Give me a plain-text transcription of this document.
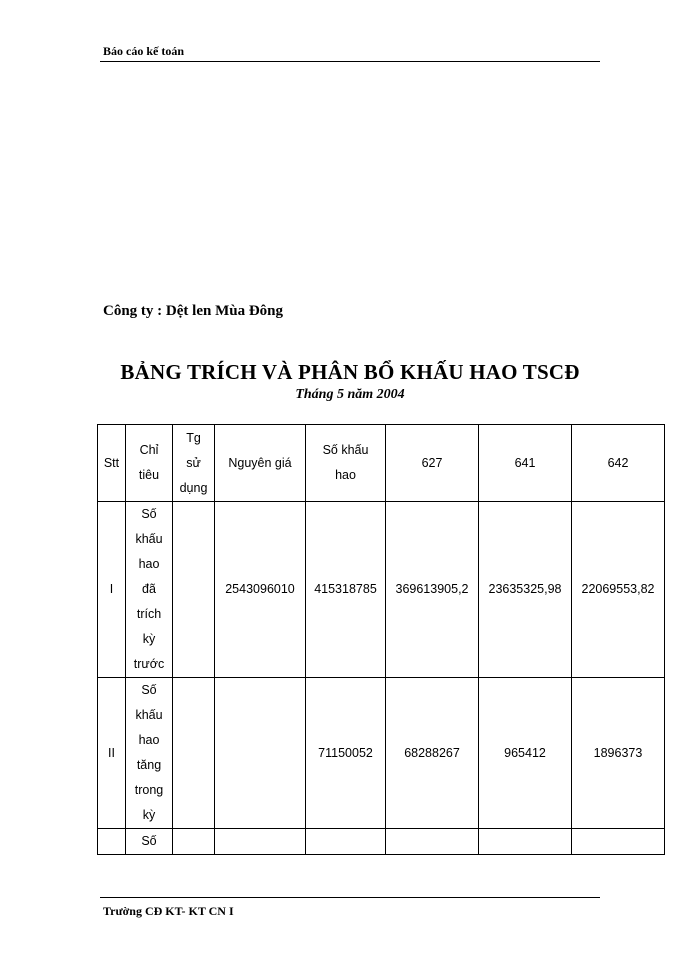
Báo cáo kế toán
Công ty : Dệt len Mùa Đông
BẢNG TRÍCH VÀ PHÂN BỔ KHẤU HAO TSCĐ
Tháng 5 năm 2004
Stt	Chỉ tiêu	Tg sử dụng	Nguyên giá	Số khấu hao	627	641	642
I	Số khấu hao đã trích kỳ trước		2543096010	415318785	369613905,2	23635325,98	22069553,82
II	Số khấu hao tăng trong kỳ			71150052	68288267	965412	1896373
	Số						
Trường CĐ KT- KT CN I
